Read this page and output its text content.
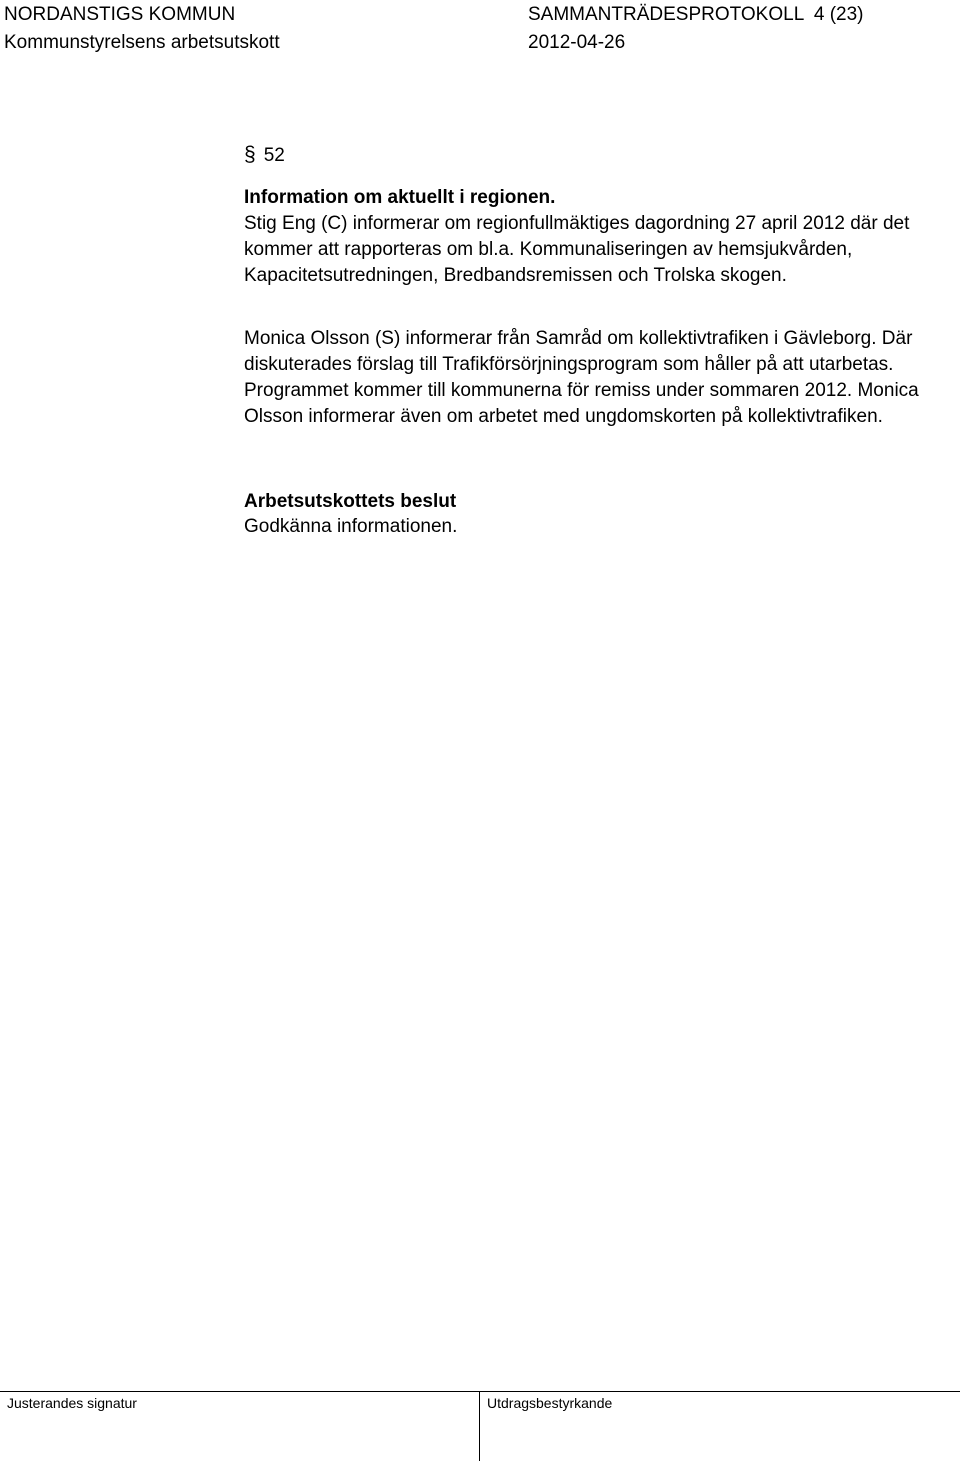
NORDANSTIGS KOMMUN
Kommunstyrelsens arbetsutskott
SAMMANTRÄDESPROTOKOLL 4 (23)
2012-04-26
§ 52
Information om aktuellt i regionen.

Stig Eng (C) informerar om regionfullmäktiges dagordning 27 april 2012 där det kommer att rapporteras om bl.a. Kommunaliseringen av hemsjukvården, Kapacitetsutredningen, Bredbandsremissen och Trolska skogen.

Monica Olsson (S) informerar från Samråd om kollektivtrafiken i Gävleborg. Där diskuterades förslag till Trafikförsörjningsprogram som håller på att utarbetas. Programmet kommer till kommunerna för remiss under sommaren 2012. Monica Olsson informerar även om arbetet med ungdomskorten på kollektivtrafiken.

Arbetsutskottets beslut
Godkänna informationen.
Justerandes signatur	Utdragsbestyrkande
